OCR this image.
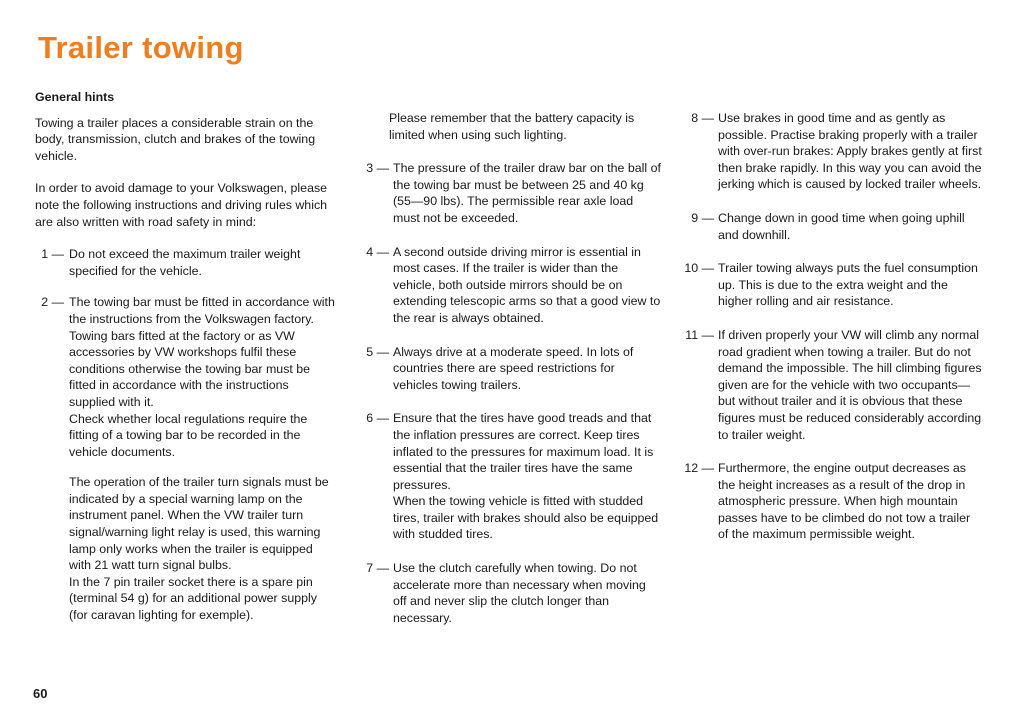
Trailer towing
General hints

Towing a trailer places a considerable strain on the body, transmission, clutch and brakes of the towing vehicle.

In order to avoid damage to your Volkswagen, please note the following instructions and driving rules which are also written with road safety in mind:

1 — Do not exceed the maximum trailer weight specified for the vehicle.
2 — The towing bar must be fitted in accordance with the instructions from the Volkswagen factory. Towing bars fitted at the factory or as VW accessories by VW workshops fulfil these conditions otherwise the towing bar must be fitted in accordance with the instructions supplied with it.

Check whether local regulations require the fitting of a towing bar to be recorded in the vehicle documents.

The operation of the trailer turn signals must be indicated by a special warning lamp on the instrument panel. When the VW trailer turn signal/warning light relay is used, this warning lamp only works when the trailer is equipped with 21 watt turn signal bulbs.

In the 7 pin trailer socket there is a spare pin (terminal 54 g) for an additional power supply (for caravan lighting for exemple).

Please remember that the battery capacity is limited when using such lighting.

3 — The pressure of the trailer draw bar on the ball of the towing bar must be between 25 and 40 kg (55—90 lbs). The permissible rear axle load must not be exceeded.
4 — A second outside driving mirror is essential in most cases. If the trailer is wider than the vehicle, both outside mirrors should be on extending telescopic arms so that a good view to the rear is always obtained.
5 — Always drive at a moderate speed. In lots of countries there are speed restrictions for vehicles towing trailers.
6 — Ensure that the tires have good treads and that the inflation pressures are correct. Keep tires inflated to the pressures for maximum load. It is essential that the trailer tires have the same pressures.

When the towing vehicle is fitted with studded tires, trailer with brakes should also be equipped with studded tires.

7 — Use the clutch carefully when towing. Do not accelerate more than necessary when moving off and never slip the clutch longer than necessary.
8 — Use brakes in good time and as gently as possible. Practise braking properly with a trailer with over-run brakes: Apply brakes gently at first then brake rapidly. In this way you can avoid the jerking which is caused by locked trailer wheels.
9 — Change down in good time when going uphill and downhill.
10 — Trailer towing always puts the fuel consumption up. This is due to the extra weight and the higher rolling and air resistance.
11 — If driven properly your VW will climb any normal road gradient when towing a trailer. But do not demand the impossible. The hill climbing figures given are for the vehicle with two occupants—but without trailer and it is obvious that these figures must be reduced considerably according to trailer weight.
12 — Furthermore, the engine output decreases as the height increases as a result of the drop in atmospheric pressure. When high mountain passes have to be climbed do not tow a trailer of the maximum permissible weight.
60
